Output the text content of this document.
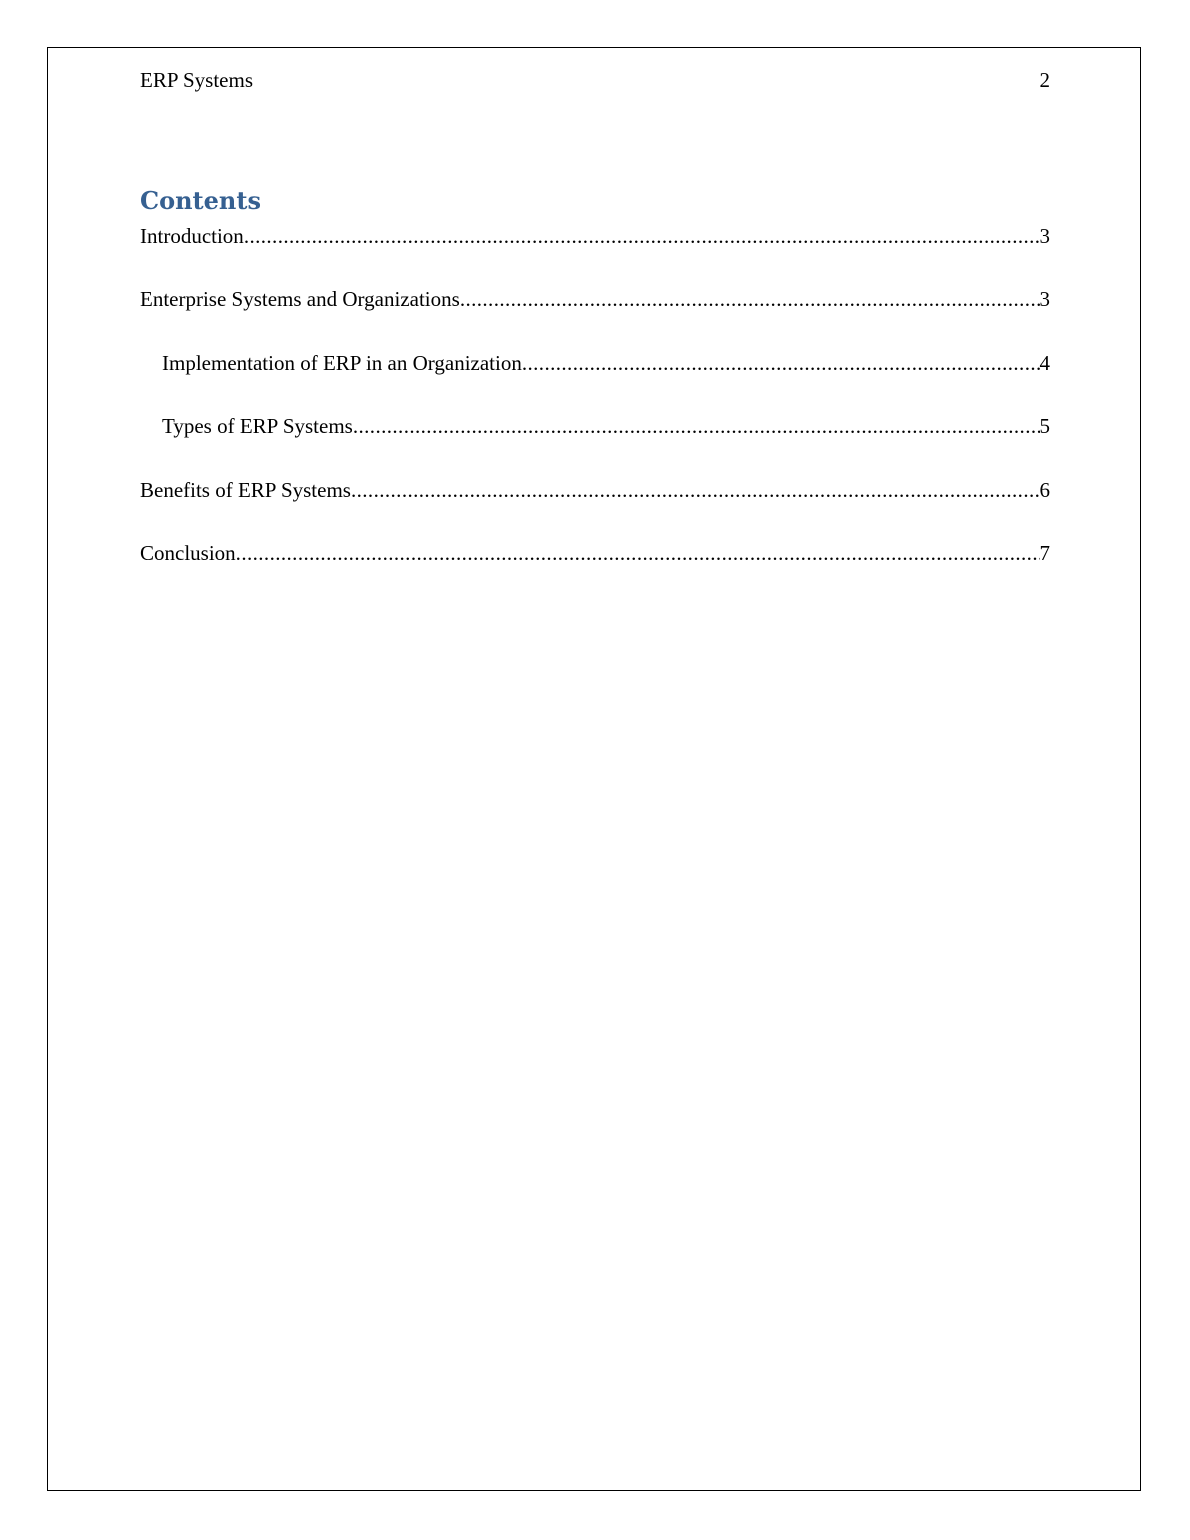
ERP Systems	2
Contents
Introduction .....	3
Enterprise Systems and Organizations .....	3
Implementation of ERP in an Organization .....	4
Types of ERP Systems .....	5
Benefits of ERP Systems .....	6
Conclusion .....	7
